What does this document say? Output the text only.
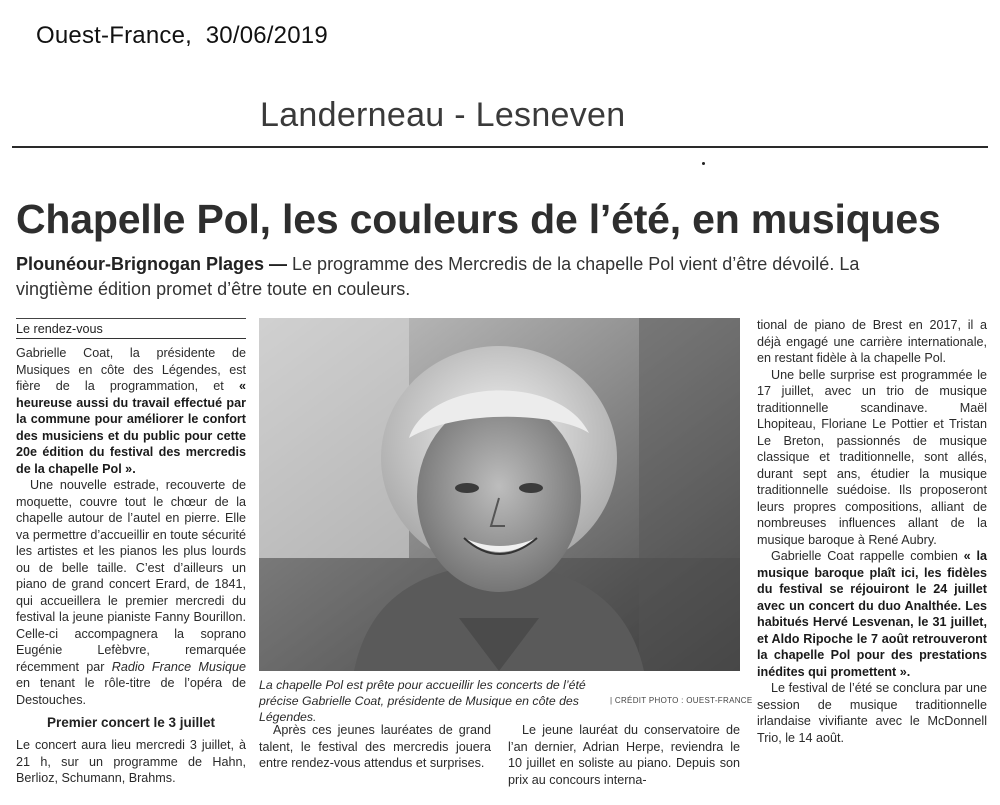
Ouest-France, 30/06/2019
Landerneau - Lesneven
Chapelle Pol, les couleurs de l’été, en musiques
Plounéour-Brignogan Plages — Le programme des Mercredis de la chapelle Pol vient d’être dévoilé. La vingtième édition promet d’être toute en couleurs.
Le rendez-vous

Gabrielle Coat, la présidente de Musiques en côte des Légendes, est fière de la programmation, et « heureuse aussi du travail effectué par la commune pour améliorer le confort des musiciens et du public pour cette 20e édition du festival des mercredis de la chapelle Pol ».

Une nouvelle estrade, recouverte de moquette, couvre tout le chœur de la chapelle autour de l’autel en pierre. Elle va permettre d’accueillir en toute sécurité les artistes et les pianos les plus lourds ou de belle taille. C’est d’ailleurs un piano de grand concert Erard, de 1841, qui accueillera le premier mercredi du festival la jeune pianiste Fanny Bourillon. Celle-ci accompagnera la soprano Eugénie Lefèbvre, remarquée récemment par Radio France Musique en tenant le rôle-titre de l’opéra de Destouches.

Premier concert le 3 juillet

Le concert aura lieu mercredi 3 juillet, à 21 h, sur un programme de Hahn, Berlioz, Schumann, Brahms.

La chapelle Pol est prête pour accueillir les concerts de l’été précise Gabrielle Coat, présidente de Musique en côte des Légendes.
| CRÉDIT PHOTO : OUEST-FRANCE

Après ces jeunes lauréates de grand talent, le festival des mercredis jouera entre rendez-vous attendus et surprises.

Le jeune lauréat du conservatoire de l’an dernier, Adrian Herpe, reviendra le 10 juillet en soliste au piano. Depuis son prix au concours interna-

tional de piano de Brest en 2017, il a déjà engagé une carrière internationale, en restant fidèle à la chapelle Pol.

Une belle surprise est programmée le 17 juillet, avec un trio de musique traditionnelle scandinave. Maël Lhopiteau, Floriane Le Pottier et Tristan Le Breton, passionnés de musique classique et traditionnelle, sont allés, durant sept ans, étudier la musique traditionnelle suédoise. Ils proposeront leurs propres compositions, alliant de nombreuses influences allant de la musique baroque à René Aubry.

Gabrielle Coat rappelle combien « la musique baroque plaît ici, les fidèles du festival se réjouiront le 24 juillet avec un concert du duo Analthée. Les habitués Hervé Lesvenan, le 31 juillet, et Aldo Ripoche le 7 août retrouveront la chapelle Pol pour des prestations inédites qui promettent ».

Le festival de l’été se conclura par une session de musique traditionnelle irlandaise vivifiante avec le McDonnell Trio, le 14 août.
